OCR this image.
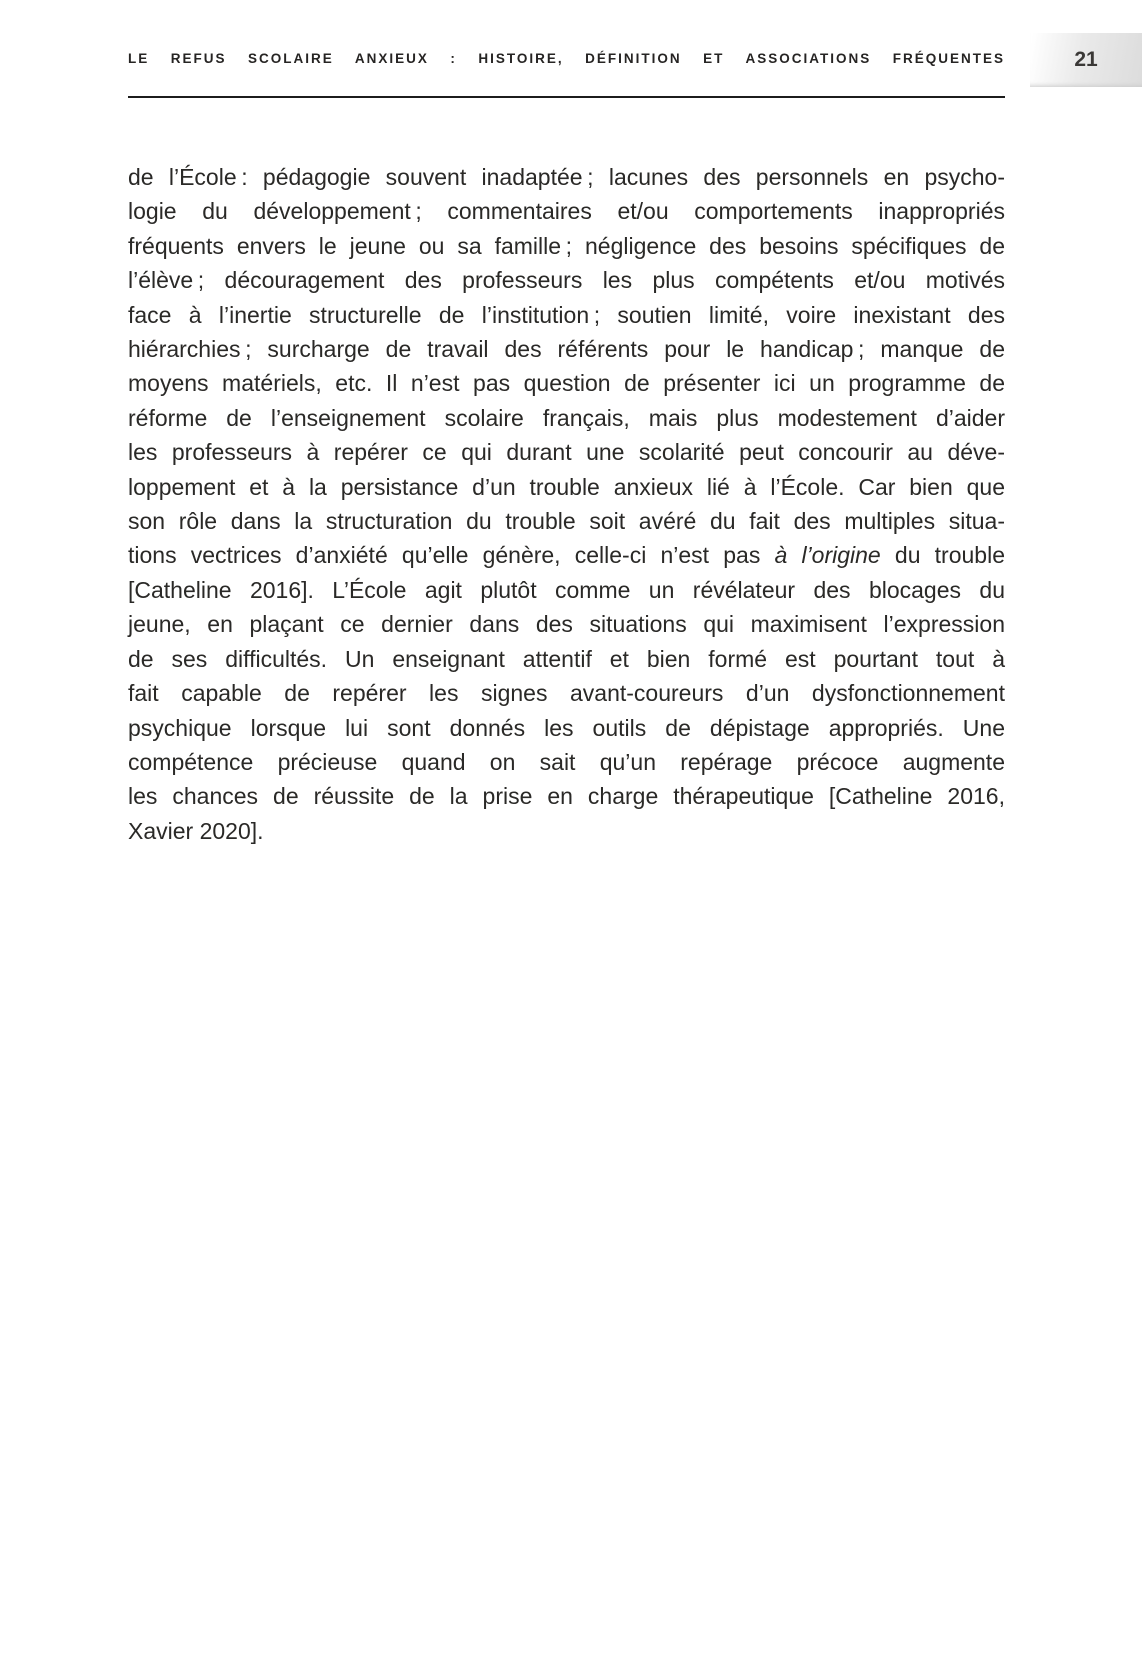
21
LE REFUS SCOLAIRE ANXIEUX : HISTOIRE, DÉFINITION ET ASSOCIATIONS FRÉQUENTES
de l’École : pédagogie souvent inadaptée ; lacunes des personnels en psycho-
logie du développement ; commentaires et/ou comportements inappropriés
fréquents envers le jeune ou sa famille ; négligence des besoins spécifiques de
l’élève ; découragement des professeurs les plus compétents et/ou motivés
face à l’inertie structurelle de l’institution ; soutien limité, voire inexistant des
hiérarchies ; surcharge de travail des référents pour le handicap ; manque de
moyens matériels, etc. Il n’est pas question de présenter ici un programme de
réforme de l’enseignement scolaire français, mais plus modestement d’aider
les professeurs à repérer ce qui durant une scolarité peut concourir au déve-
loppement et à la persistance d’un trouble anxieux lié à l’École. Car bien que
son rôle dans la structuration du trouble soit avéré du fait des multiples situa-
tions vectrices d’anxiété qu’elle génère, celle-ci n’est pas à l’origine du trouble
[Catheline 2016]. L’École agit plutôt comme un révélateur des blocages du
jeune, en plaçant ce dernier dans des situations qui maximisent l’expression
de ses difficultés. Un enseignant attentif et bien formé est pourtant tout à
fait capable de repérer les signes avant-coureurs d’un dysfonctionnement
psychique lorsque lui sont donnés les outils de dépistage appropriés. Une
compétence précieuse quand on sait qu’un repérage précoce augmente
les chances de réussite de la prise en charge thérapeutique [Catheline 2016,
Xavier 2020].
